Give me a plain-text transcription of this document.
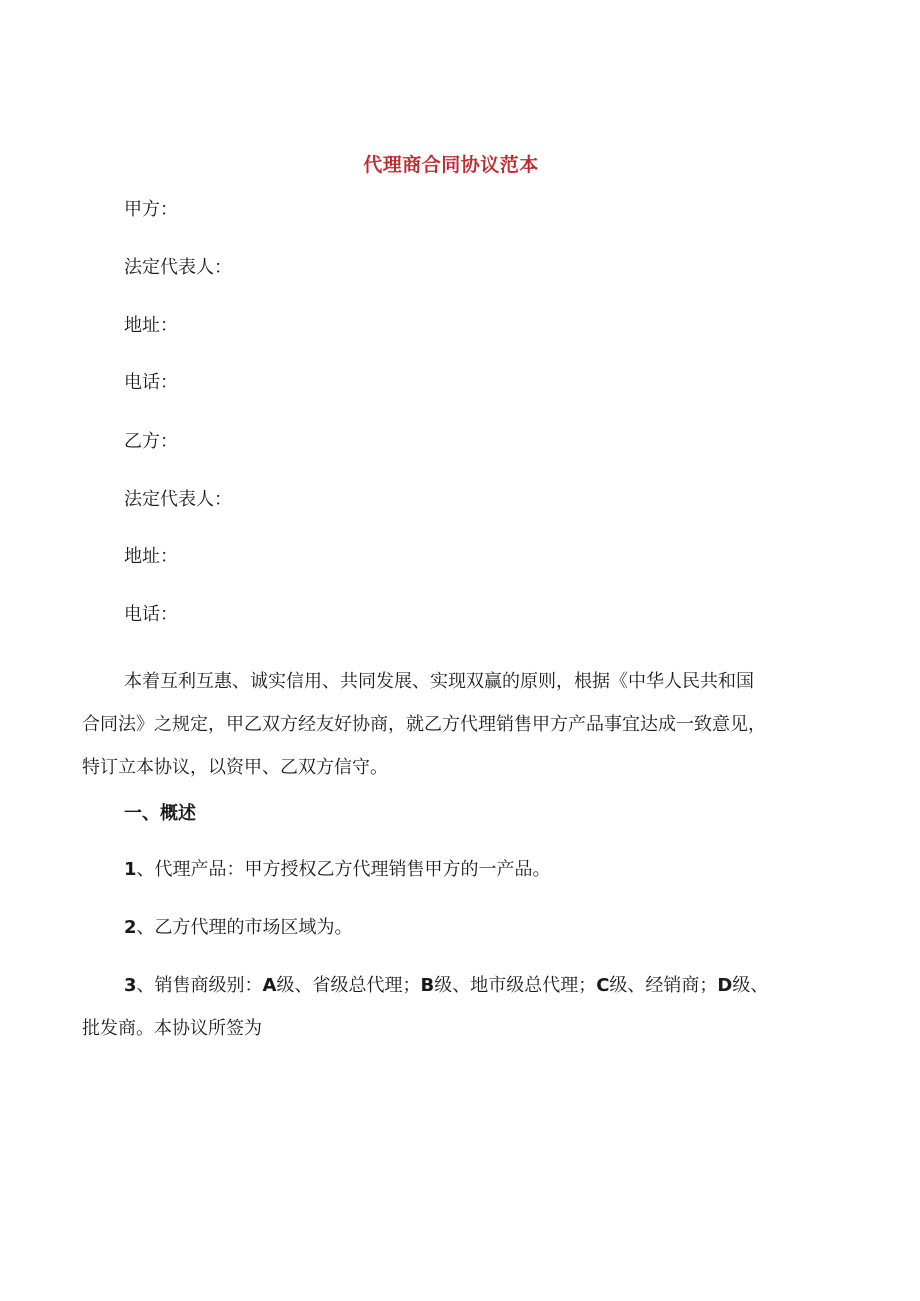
代理商合同协议范本
甲方：
法定代表人：
地址：
电话：
乙方：
法定代表人：
地址：
电话：
本着互利互惠、诚实信用、共同发展、实现双赢的原则，根据《中华人民共和国
合同法》之规定，甲乙双方经友好协商，就乙方代理销售甲方产品事宜达成一致意见，
特订立本协议，以资甲、乙双方信守。
一、概述
1、代理产品：甲方授权乙方代理销售甲方的一产品。
2、乙方代理的市场区域为。
3、销售商级别：A级、省级总代理；B级、地市级总代理；C级、经销商；D级、
批发商。本协议所签为
